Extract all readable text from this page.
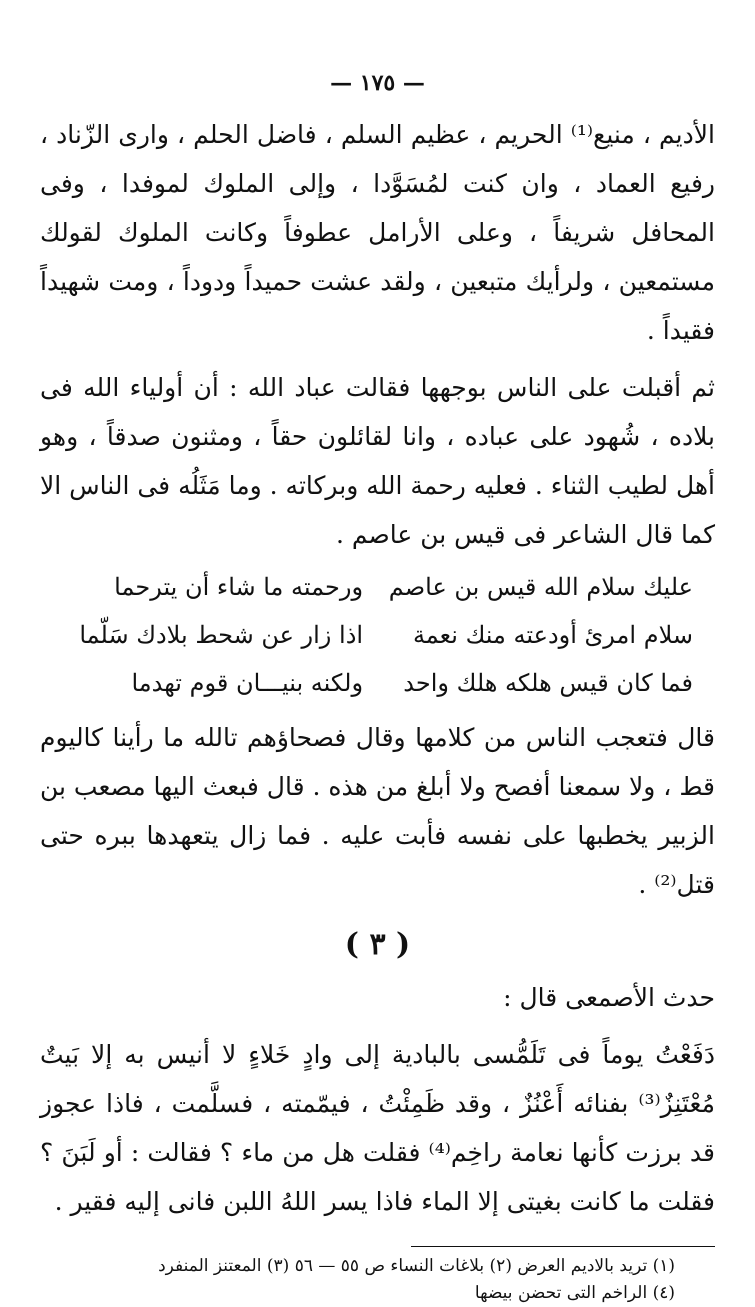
— ١٧٥ —

الأديم ، منيع⁽¹⁾ الحريم ، عظيم السلم ، فاضل الحلم ، وارى الزّناد ، رفيع العماد ، وان كنت لمُسَوَّدا ، وإلى الملوك لموفدا ، وفى المحافل شريفاً ، وعلى الأرامل عطوفاً وكانت الملوك لقولك مستمعين ، ولرأيك متبعين ، ولقد عشت حميداً ودوداً ، ومت شهيداً فقيداً .

ثم أقبلت على الناس بوجهها فقالت عباد الله : أن أولياء الله فى بلاده ، شُهود على عباده ، وانا لقائلون حقاً ، ومثنون صدقاً ، وهو أهل لطيب الثناء . فعليه رحمة الله وبركاته . وما مَثَلُه فى الناس الا كما قال الشاعر فى قيس بن عاصم .

عليك سلام الله قيس بن عاصم
ورحمته ما شاء أن يترحما
سلام امرئ أودعته منك نعمة
اذا زار عن شحط بلادك سَلّما
فما كان قيس هلكه هلك واحد
ولكنه بنيـــان قوم تهدما

قال فتعجب الناس من كلامها وقال فصحاؤهم تالله ما رأينا كاليوم قط ، ولا سمعنا أفصح ولا أبلغ من هذه . قال فبعث اليها مصعب بن الزبير يخطبها على نفسه فأبت عليه . فما زال يتعهدها ببره حتى قتل⁽²⁾ .

( ٣ )

حدث الأصمعى قال :

دَفَعْتُ يوماً فى تَلَمُّسى بالبادية إلى وادٍ خَلاءٍ لا أنيس به إلا بَيتٌ مُعْتَنِزٌ⁽³⁾ بفنائه أَعْنُزٌ ، وقد ظَمِئْتُ ، فيمّمته ، فسلَّمت ، فاذا عجوز قد برزت كأنها نعامة راخِم⁽⁴⁾ فقلت هل من ماء ؟ فقالت : أو لَبَنَ ؟ فقلت ما كانت بغيتى إلا الماء فاذا يسر اللهُ اللبن فانى إليه فقير .

(١) تريد بالاديم العرض (٢) بلاغات النساء ص ٥٥ — ٥٦ (٣) المعتنز المنفرد
(٤) الراخم التى تحضن بيضها
